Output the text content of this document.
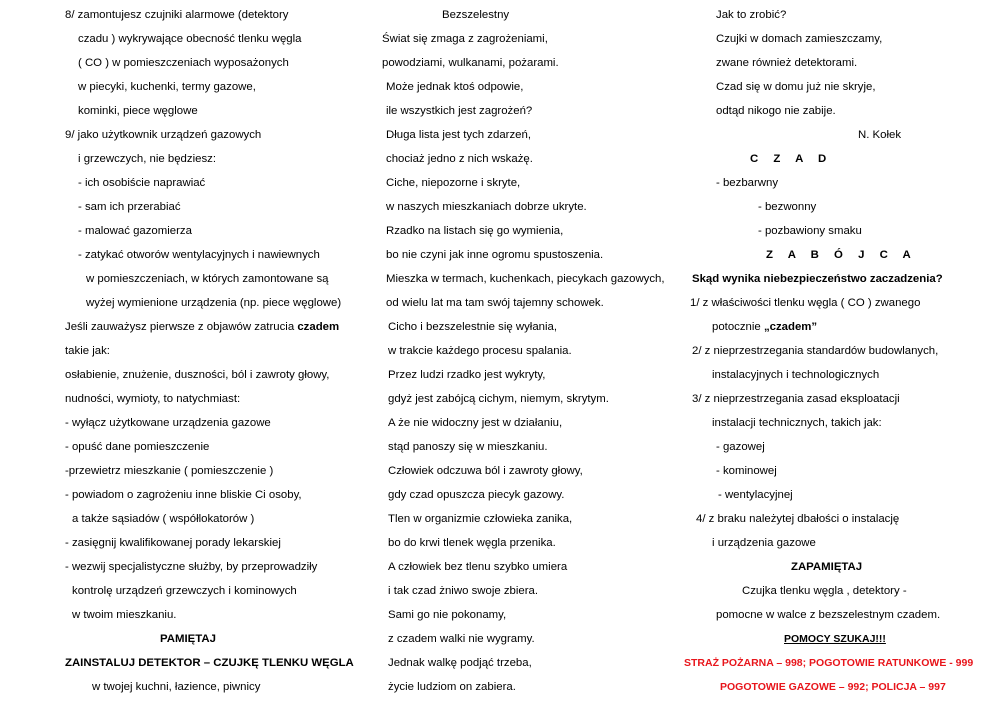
8/ zamontujesz czujniki alarmowe (detektory
czadu ) wykrywające obecność tlenku węgla
( CO ) w pomieszczeniach wyposażonych
w piecyki, kuchenki, termy gazowe,
kominki, piece węglowe
9/ jako użytkownik urządzeń gazowych
i grzewczych, nie będziesz:
- ich osobiście naprawiać
- sam ich przerabiać
- malować gazomierza
- zatykać otworów wentylacyjnych i nawiewnych
w pomieszczeniach, w których zamontowane są
wyżej wymienione urządzenia (np. piece węglowe)
Jeśli zauważysz pierwsze z objawów zatrucia czadem
takie jak:
osłabienie, znużenie, duszności, ból i zawroty głowy,
nudności, wymioty, to natychmiast:
- wyłącz użytkowane urządzenia gazowe
- opuść dane pomieszczenie
-przewietrz mieszkanie ( pomieszczenie )
- powiadom o zagrożeniu inne bliskie Ci osoby,
a także sąsiadów ( współlokatorów )
- zasięgnij kwalifikowanej porady lekarskiej
- wezwij specjalistyczne służby, by przeprowadziły
kontrolę urządzeń grzewczych i kominowych
PAMIĘTAJ
w twoim mieszkaniu.
ZAINSTALUJ DETEKTOR – CZUJKĘ TLENKU WĘGLA
w twojej kuchni, łazience, piwnicy
Bezszelestny
Świat się zmaga z zagrożeniami,
powodziami, wulkanami, pożarami.
Może jednak ktoś odpowie,
ile wszystkich jest zagrożeń?
Długa lista jest tych zdarzeń,
chociaż jedno z nich wskażę.
Ciche, niepozorne i skryte,
w naszych mieszkaniach dobrze ukryte.
Rzadko na listach się go wymienia,
bo nie czyni jak inne ogromu spustoszenia.
Mieszka w termach, kuchenkach, piecykach gazowych,
od wielu lat ma tam swój tajemny schowek.
Cicho i bezszelestnie się wyłania,
w trakcie każdego procesu spalania.
Przez ludzi rzadko jest wykryty,
gdyż jest zabójcą cichym, niemym, skrytym.
A że nie widoczny jest w działaniu,
stąd panoszy się w mieszkaniu.
Człowiek odczuwa ból i zawroty głowy,
gdy czad opuszcza piecyk gazowy.
Tlen w organizmie człowieka zanika,
bo do krwi tlenek węgla przenika.
A człowiek bez tlenu szybko umiera
i tak czad żniwo swoje zbiera.
Sami go nie pokonamy,
z czadem walki nie wygramy.
Jednak walkę podjąć trzeba,
życie ludziom on zabiera.
Jak to zrobić?
Czujki w domach zamieszczamy,
zwane również detektorami.
Czad się w domu już nie skryje,
odtąd nikogo nie zabije.
N. Kołek
C Z A D
- bezbarwny
- bezwonny
- pozbawiony smaku
Z A B Ó J C A
Skąd wynika niebezpieczeństwo zaczadzenia?
1/ z właściwości tlenku węgla ( CO ) zwanego
potocznie „czadem”
2/ z nieprzestrzegania standardów budowlanych,
instalacyjnych i technologicznych
3/ z nieprzestrzegania zasad eksploatacji
instalacji technicznych, takich jak:
- gazowej
- kominowej
- wentylacyjnej
4/ z braku należytej dbałości o instalację
i urządzenia gazowe
ZAPAMIĘTAJ
Czujka tlenku węgla , detektory -
pomocne w walce z bezszelestnym czadem.
POMOCY SZUKAJ!!!
STRAŻ POŻARNA – 998; POGOTOWIE RATUNKOWE - 999
POGOTOWIE GAZOWE – 992; POLICJA – 997
